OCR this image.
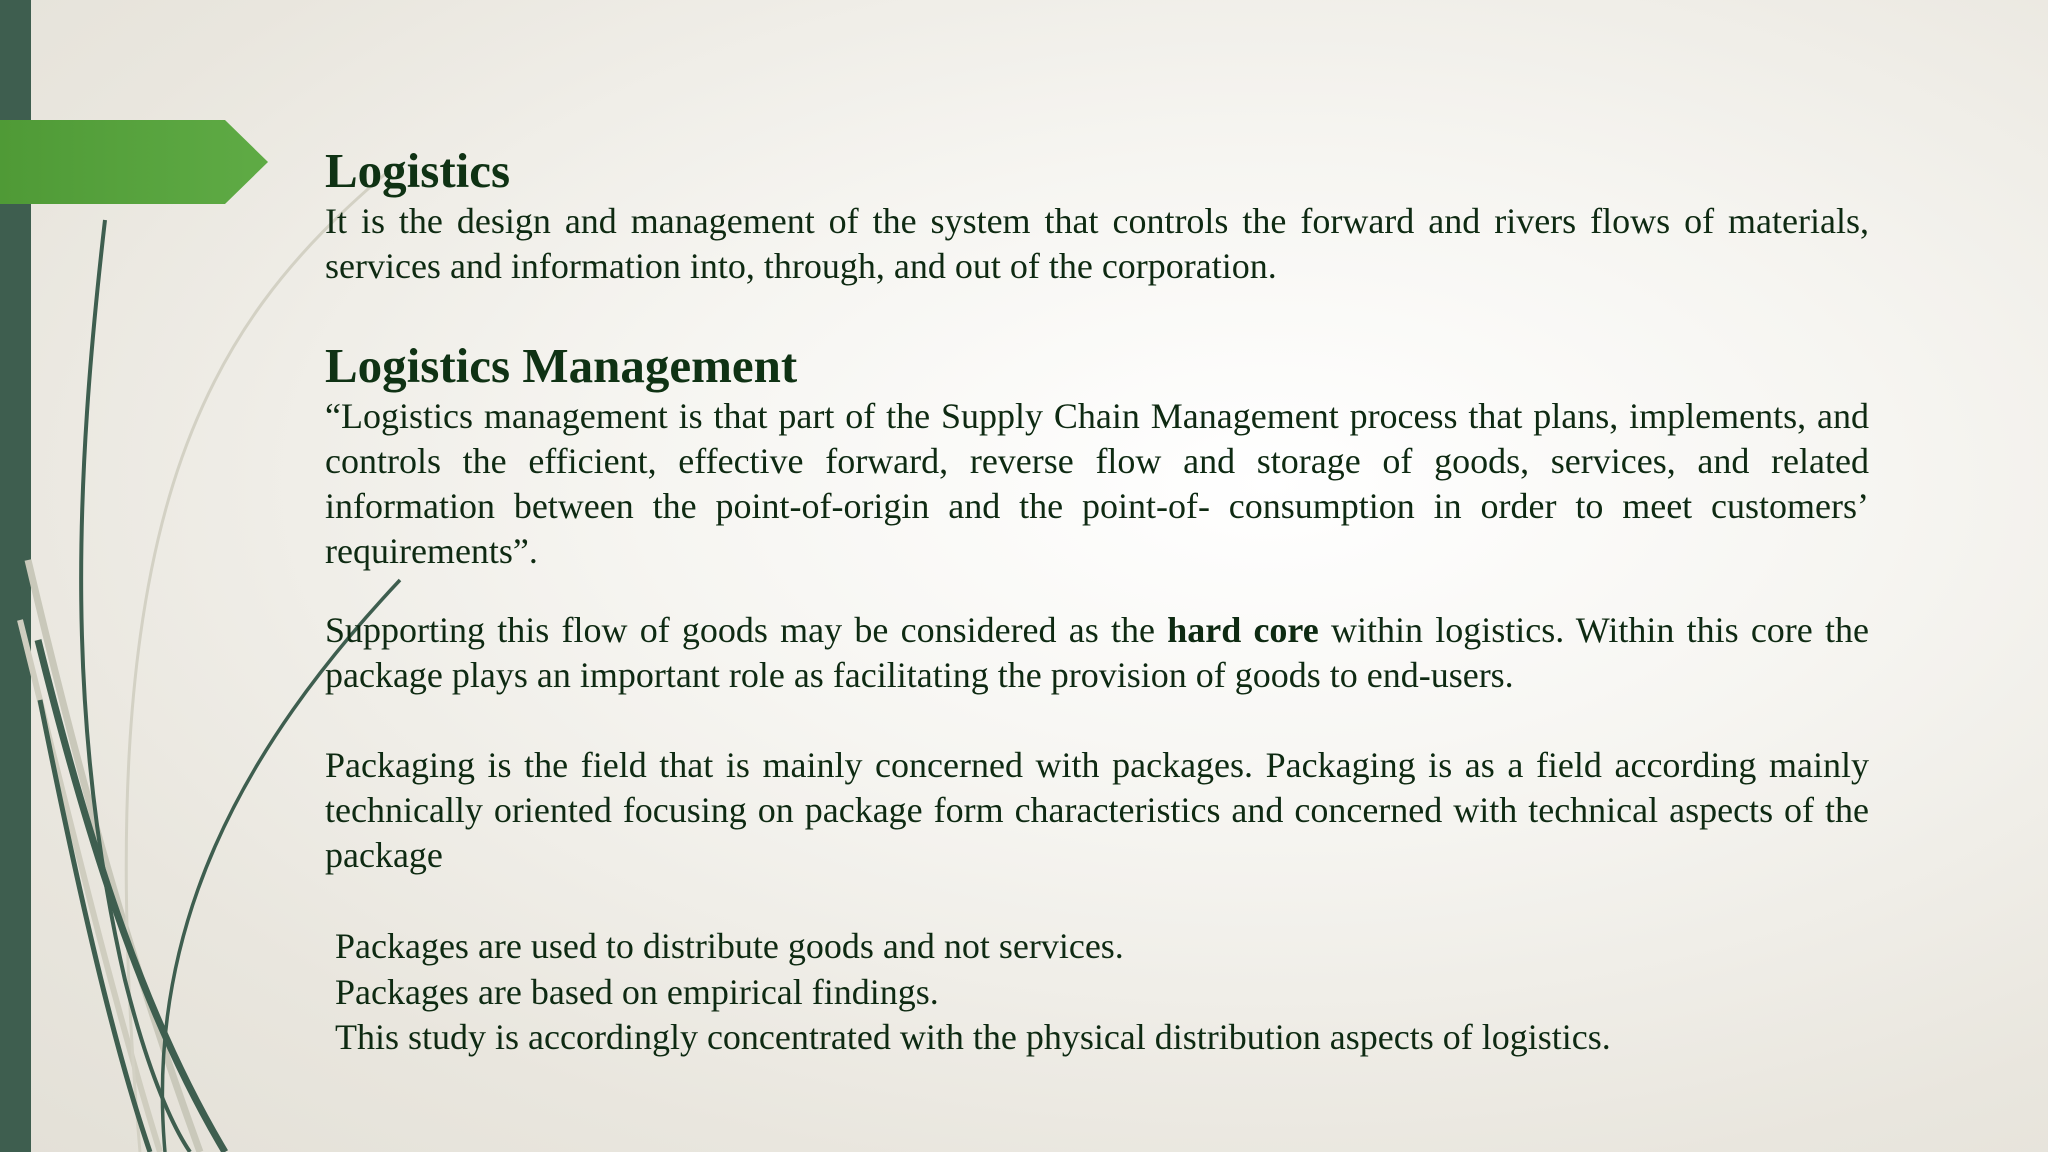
Logistics

It is the design and management of the system that controls the forward and rivers flows of materials, services and information into, through, and out of the corporation.

Logistics Management

“Logistics management is that part of the Supply Chain Management process that plans, implements, and controls the efficient, effective forward, reverse flow and storage of goods, services, and related information between the point-of-origin and the point-of- consumption in order to meet customers’ requirements”.

Supporting this flow of goods may be considered as the hard core within logistics. Within this core the package plays an important role as facilitating the provision of goods to end-users.

Packaging is the field that is mainly concerned with packages. Packaging is as a field according mainly technically oriented focusing on package form characteristics and concerned with technical aspects of the package

Packages are used to distribute goods and not services.

Packages are based on empirical findings.

This study is accordingly concentrated with the physical distribution aspects of logistics.
